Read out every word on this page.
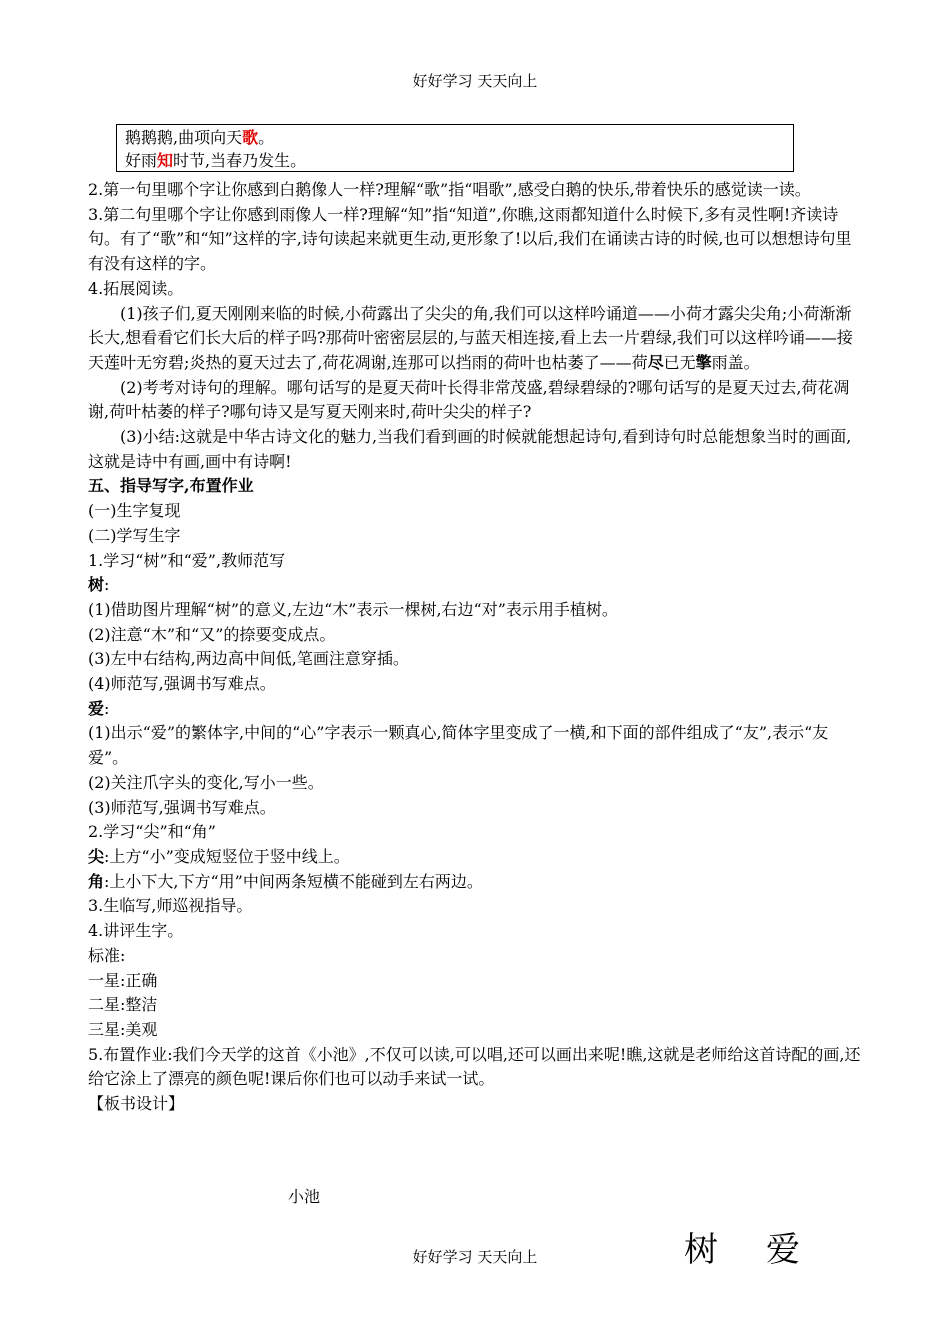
好好学习 天天向上
鹅鹅鹅,曲项向天歌。
好雨知时节,当春乃发生。

2.第一句里哪个字让你感到白鹅像人一样?理解“歌”指“唱歌”,感受白鹅的快乐,带着快乐的感觉读一读。

3.第二句里哪个字让你感到雨像人一样?理解“知”指“知道”,你瞧,这雨都知道什么时候下,多有灵性啊!齐读诗句。有了“歌”和“知”这样的字,诗句读起来就更生动,更形象了!以后,我们在诵读古诗的时候,也可以想想诗句里有没有这样的字。

4.拓展阅读。

(1)孩子们,夏天刚刚来临的时候,小荷露出了尖尖的角,我们可以这样吟诵道——小荷才露尖尖角;小荷渐渐长大,想看看它们长大后的样子吗?那荷叶密密层层的,与蓝天相连接,看上去一片碧绿,我们可以这样吟诵——接天莲叶无穷碧;炎热的夏天过去了,荷花凋谢,连那可以挡雨的荷叶也枯萎了——荷尽已无擎雨盖。

(2)考考对诗句的理解。哪句话写的是夏天荷叶长得非常茂盛,碧绿碧绿的?哪句话写的是夏天过去,荷花凋谢,荷叶枯萎的样子?哪句诗又是写夏天刚来时,荷叶尖尖的样子?

(3)小结:这就是中华古诗文化的魅力,当我们看到画的时候就能想起诗句,看到诗句时总能想象当时的画面,这就是诗中有画,画中有诗啊!

五、指导写字,布置作业

(一)生字复现

(二)学写生字

1.学习“树”和“爱”,教师范写

树:

(1)借助图片理解“树”的意义,左边“木”表示一棵树,右边“对”表示用手植树。

(2)注意“木”和“又”的捺要变成点。

(3)左中右结构,两边高中间低,笔画注意穿插。

(4)师范写,强调书写难点。

爱:

(1)出示“爱”的繁体字,中间的“心”字表示一颗真心,简体字里变成了一横,和下面的部件组成了“友”,表示“友爱”。

(2)关注爪字头的变化,写小一些。

(3)师范写,强调书写难点。

2.学习“尖”和“角”

尖:上方“小”变成短竖位于竖中线上。

角:上小下大,下方“用”中间两条短横不能碰到左右两边。

3.生临写,师巡视指导。

4.讲评生字。

标准:

一星:正确

二星:整洁

三星:美观

5.布置作业:我们今天学的这首《小池》,不仅可以读,可以唱,还可以画出来呢!瞧,这就是老师给这首诗配的画,还给它涂上了漂亮的颜色呢!课后你们也可以动手来试一试。

【板书设计】

小池
好好学习 天天向上	树 爱
